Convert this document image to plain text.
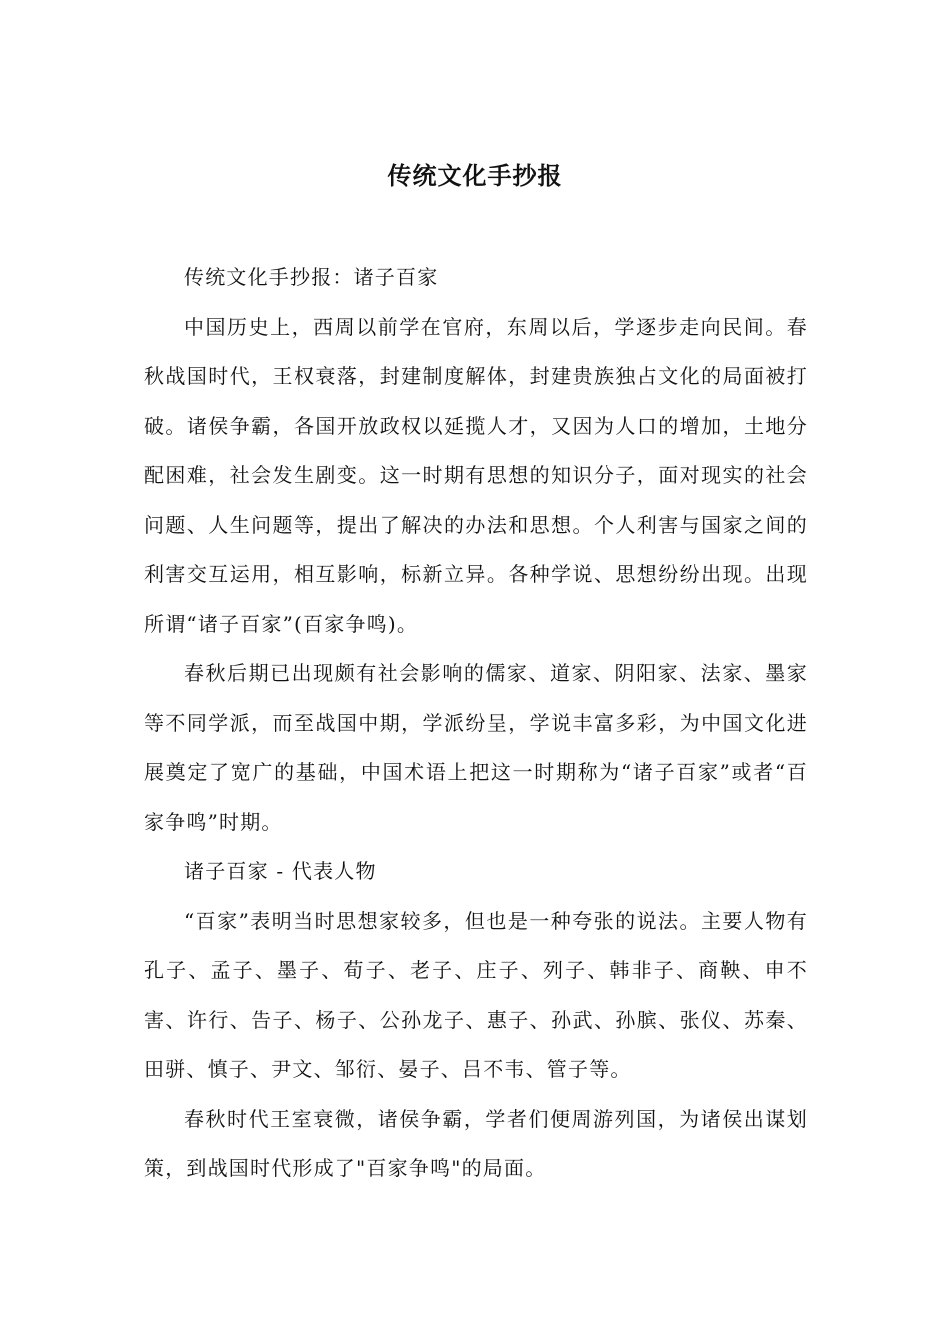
传统文化手抄报

传统文化手抄报：诸子百家

中国历史上，西周以前学在官府，东周以后，学逐步走向民间。春秋战国时代，王权衰落，封建制度解体，封建贵族独占文化的局面被打破。诸侯争霸，各国开放政权以延揽人才，又因为人口的增加，土地分配困难，社会发生剧变。这一时期有思想的知识分子，面对现实的社会问题、人生问题等，提出了解决的办法和思想。个人利害与国家之间的利害交互运用，相互影响，标新立异。各种学说、思想纷纷出现。出现所谓“诸子百家”(百家争鸣)。

春秋后期已出现颇有社会影响的儒家、道家、阴阳家、法家、墨家等不同学派，而至战国中期，学派纷呈，学说丰富多彩，为中国文化进展奠定了宽广的基础，中国术语上把这一时期称为“诸子百家”或者“百家争鸣”时期。

诸子百家 - 代表人物

“百家”表明当时思想家较多，但也是一种夸张的说法。主要人物有孔子、孟子、墨子、荀子、老子、庄子、列子、韩非子、商鞅、申不害、许行、告子、杨子、公孙龙子、惠子、孙武、孙膑、张仪、苏秦、田骈、慎子、尹文、邹衍、晏子、吕不韦、管子等。

春秋时代王室衰微，诸侯争霸，学者们便周游列国，为诸侯出谋划策，到战国时代形成了"百家争鸣"的局面。
